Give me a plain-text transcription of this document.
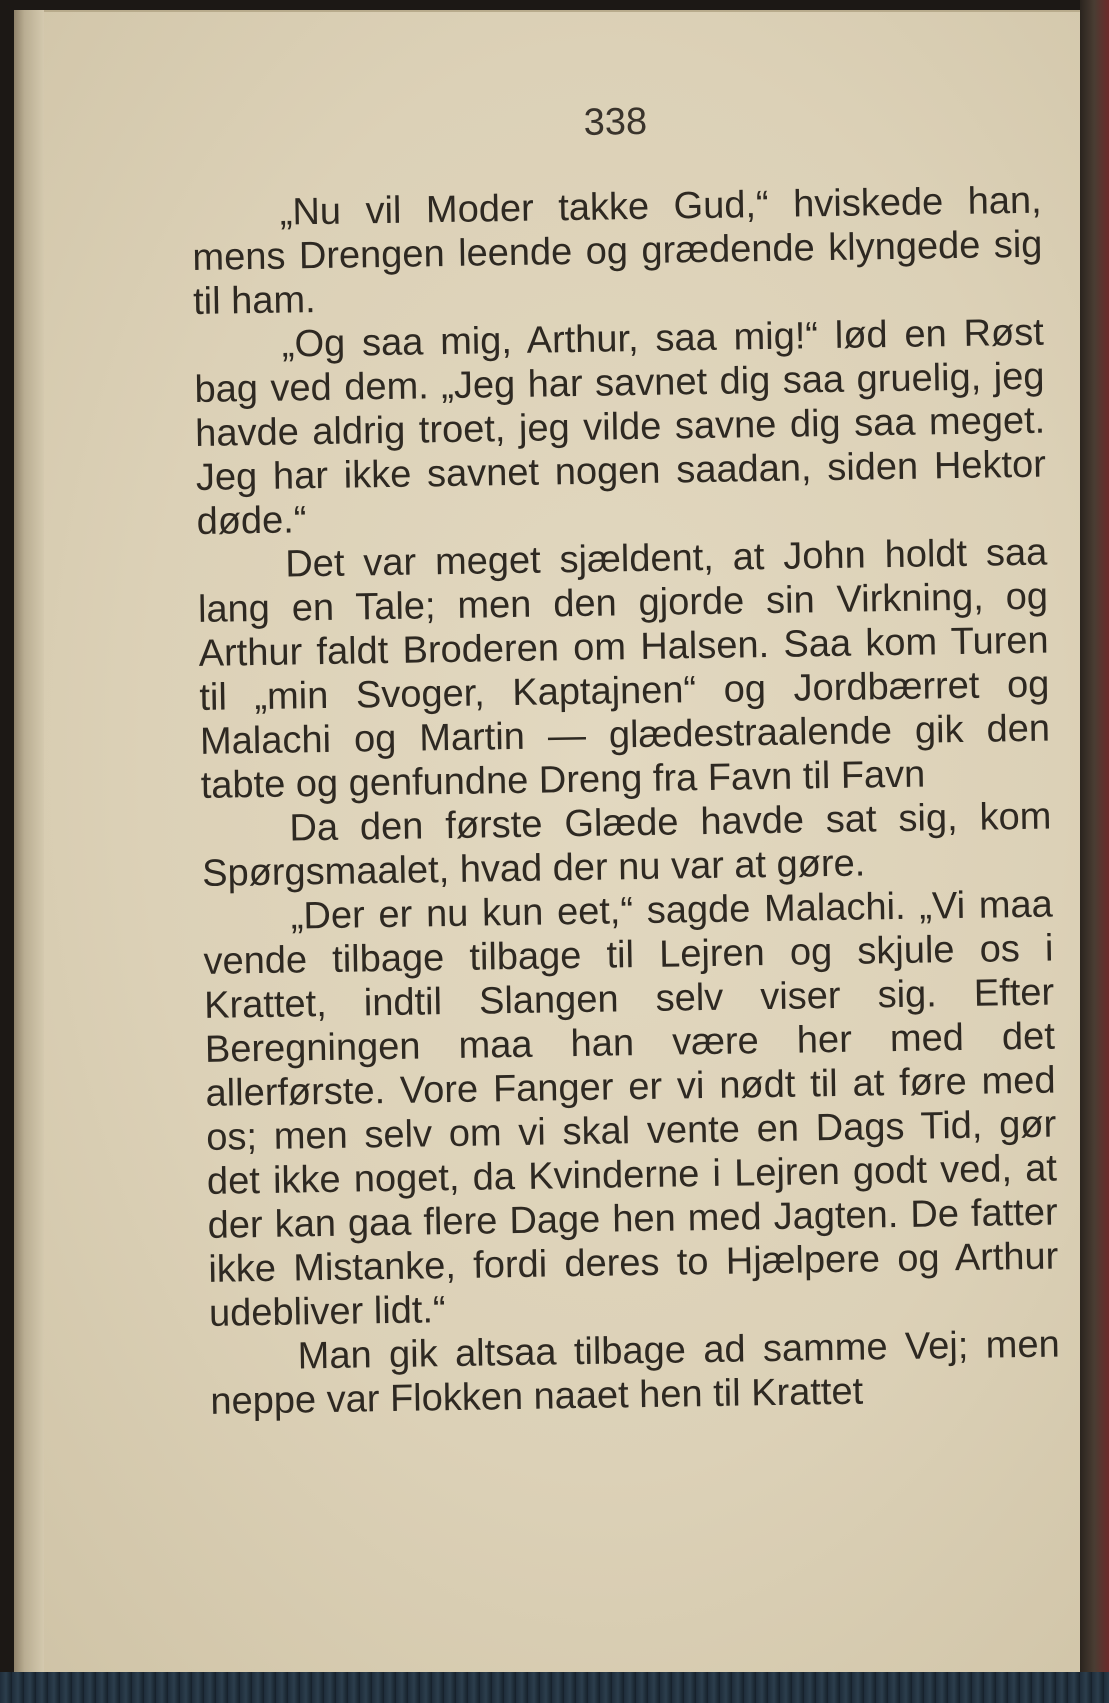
338

„Nu vil Moder takke Gud,“ hviskede han, mens Drengen leende og grædende klyngede sig til ham.

„Og saa mig, Arthur, saa mig!“ lød en Røst bag ved dem. „Jeg har savnet dig saa gruelig, jeg havde aldrig troet, jeg vilde savne dig saa meget. Jeg har ikke savnet nogen saadan, siden Hektor døde.“

Det var meget sjældent, at John holdt saa lang en Tale; men den gjorde sin Virkning, og Arthur faldt Broderen om Halsen. Saa kom Turen til „min Svoger, Kaptajnen“ og Jordbærret og Malachi og Martin — glædestraalende gik den tabte og genfundne Dreng fra Favn til Favn

Da den første Glæde havde sat sig, kom Spørgsmaalet, hvad der nu var at gøre.

„Der er nu kun eet,“ sagde Malachi. „Vi maa vende tilbage tilbage til Lejren og skjule os i Krattet, indtil Slangen selv viser sig. Efter Beregningen maa han være her med det allerførste. Vore Fanger er vi nødt til at føre med os; men selv om vi skal vente en Dags Tid, gør det ikke noget, da Kvinderne i Lejren godt ved, at der kan gaa flere Dage hen med Jagten. De fatter ikke Mistanke, fordi deres to Hjælpere og Arthur udebliver lidt.“

Man gik altsaa tilbage ad samme Vej; men neppe var Flokken naaet hen til Krattet
